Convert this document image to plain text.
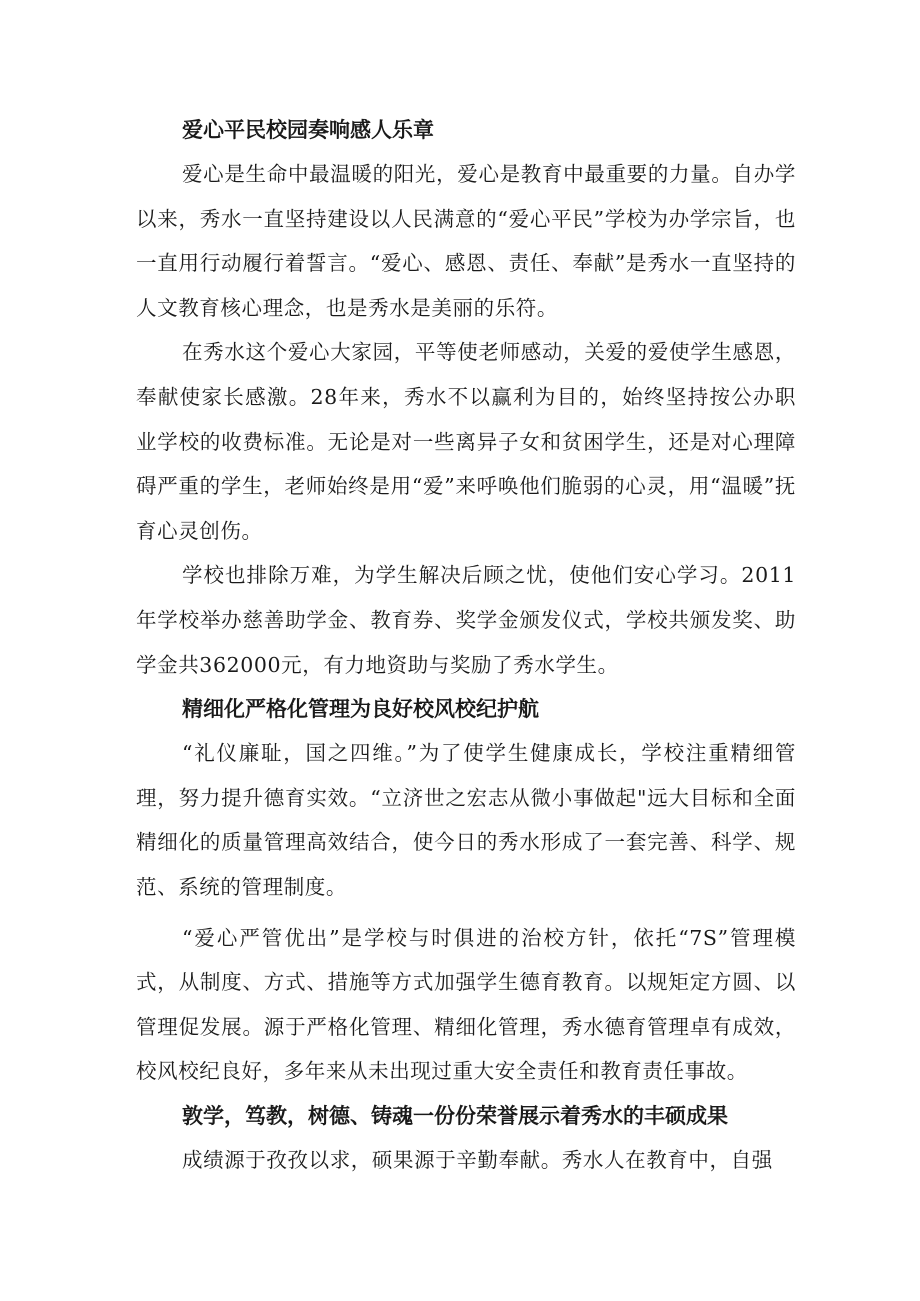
爱心平民校园奏响感人乐章

爱心是生命中最温暖的阳光，爱心是教育中最重要的力量。自办学以来，秀水一直坚持建设以人民满意的“爱心平民”学校为办学宗旨，也一直用行动履行着誓言。“爱心、感恩、责任、奉献”是秀水一直坚持的人文教育核心理念，也是秀水是美丽的乐符。

在秀水这个爱心大家园，平等使老师感动，关爱的爱使学生感恩，奉献使家长感激。28年来，秀水不以赢利为目的，始终坚持按公办职业学校的收费标准。无论是对一些离异子女和贫困学生，还是对心理障碍严重的学生，老师始终是用“爱”来呼唤他们脆弱的心灵，用“温暖”抚育心灵创伤。

学校也排除万难，为学生解决后顾之忧，使他们安心学习。2011年学校举办慈善助学金、教育券、奖学金颁发仪式，学校共颁发奖、助学金共362000元，有力地资助与奖励了秀水学生。

精细化严格化管理为良好校风校纪护航

“礼仪廉耻，国之四维。”为了使学生健康成长，学校注重精细管理，努力提升德育实效。“立济世之宏志从微小事做起"远大目标和全面精细化的质量管理高效结合，使今日的秀水形成了一套完善、科学、规范、系统的管理制度。

“爱心严管优出”是学校与时俱进的治校方针，依托“7S”管理模式，从制度、方式、措施等方式加强学生德育教育。以规矩定方圆、以管理促发展。源于严格化管理、精细化管理，秀水德育管理卓有成效，校风校纪良好，多年来从未出现过重大安全责任和教育责任事故。

敦学，笃教，树德、铸魂一份份荣誉展示着秀水的丰硕成果

成绩源于孜孜以求，硕果源于辛勤奉献。秀水人在教育中，自强
